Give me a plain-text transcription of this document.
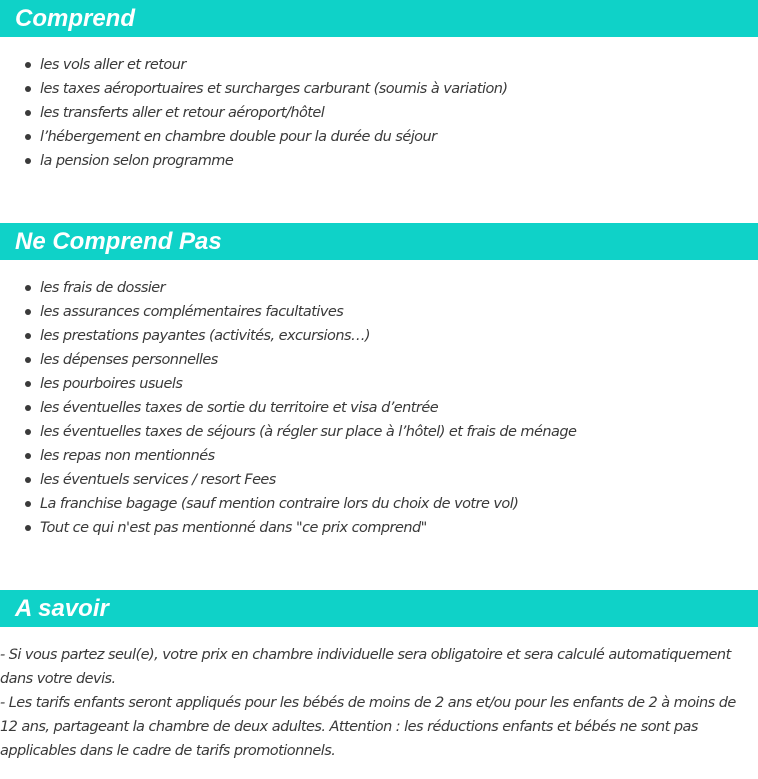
Comprend
les vols aller et retour
les taxes aéroportuaires et surcharges carburant (soumis à variation)
les transferts aller et retour aéroport/hôtel
l’hébergement en chambre double pour la durée du séjour
la pension selon programme
Ne Comprend Pas
les frais de dossier
les assurances complémentaires facultatives
les prestations payantes (activités, excursions…)
les dépenses personnelles
les pourboires usuels
les éventuelles taxes de sortie du territoire et visa d’entrée
les éventuelles taxes de séjours (à régler sur place à l’hôtel) et frais de ménage
les repas non mentionnés
les éventuels services / resort Fees
La franchise bagage (sauf mention contraire lors du choix de votre vol)
Tout ce qui n'est pas mentionné dans "ce prix comprend"
A savoir

- Si vous partez seul(e), votre prix en chambre individuelle sera obligatoire et sera calculé automatiquement dans votre devis.

- Les tarifs enfants seront appliqués pour les bébés de moins de 2 ans et/ou pour les enfants de 2 à moins de 12 ans, partageant la chambre de deux adultes. Attention : les réductions enfants et bébés ne sont pas applicables dans le cadre de tarifs promotionnels.
